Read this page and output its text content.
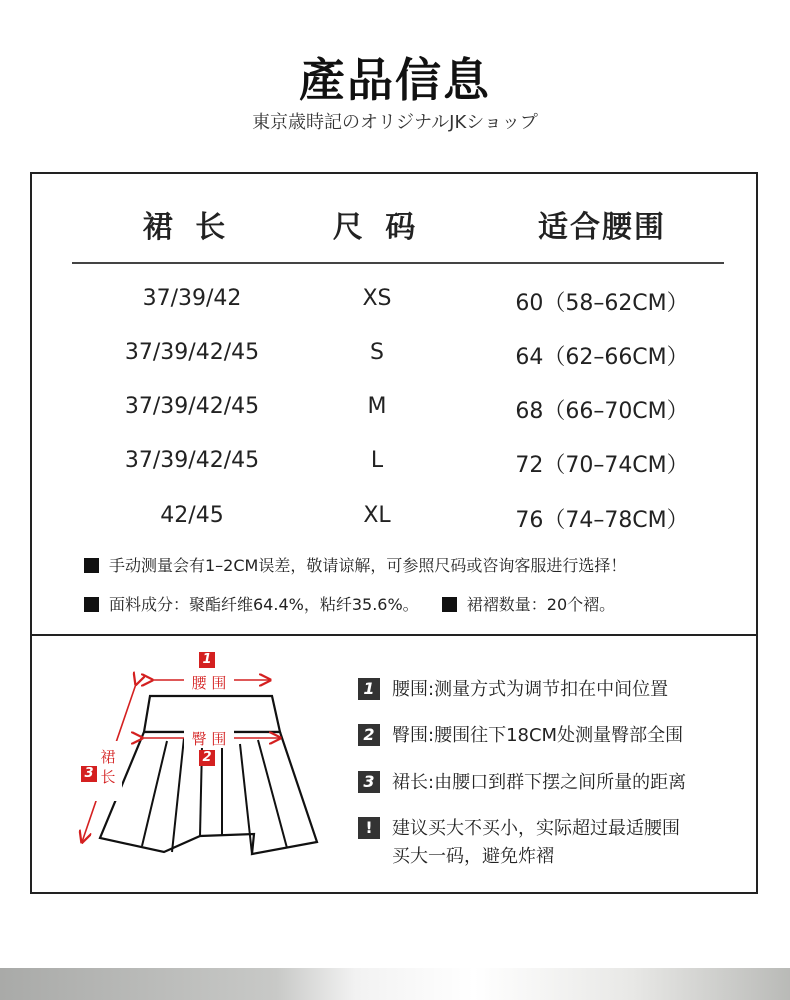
產品信息
東京歳時記のオリジナルJKショップ
裙 长	尺 码	适合腰围
37/39/42	XS	60（58–62CM）
37/39/42/45	S	64（62–66CM）
37/39/42/45	M	68（66–70CM）
37/39/42/45	L	72（70–74CM）
42/45	XL	76（74–78CM）
手动测量会有1–2CM误差，敬请谅解，可参照尺码或咨询客服进行选择！
面料成分：聚酯纤维64.4%，粘纤35.6%。	裙褶数量：20个褶。
1
腰 围
臀 围
2
裙
3 长
1 腰围:测量方式为调节扣在中间位置
2 臀围:腰围往下18CM处测量臀部全围
3 裙长:由腰口到群下摆之间所量的距离
! 建议买大不买小，实际超过最适腰围
买大一码，避免炸褶
